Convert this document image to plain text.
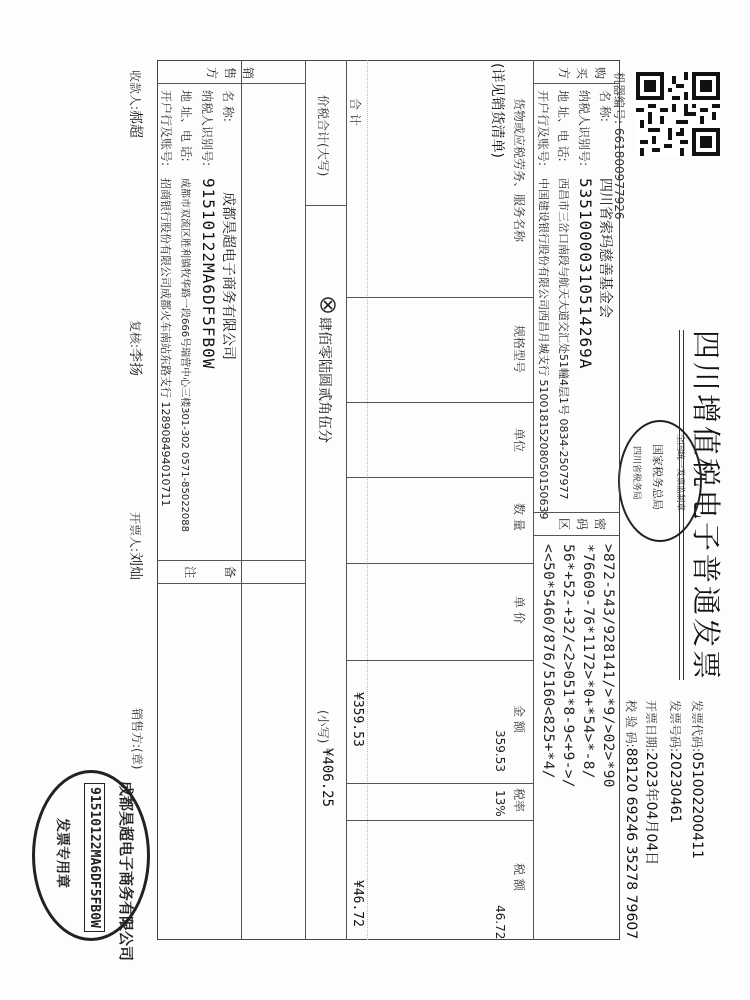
机器编号: 661800977926
四川增值税电子普通发票
全国统一发票监制章
国家税务总局
四川省税务局
发票代码:051002200411
发票号码:20230461
开票日期:2023年04月04日
校 验 码:88120 69246 35278 79607
购买方
名 称:
四川省索玛慈善基金会
纳税人识别号:
53510000310514269A
地 址、电 话:
西昌市三岔口南段与航天大道交汇处51幢4层1号 0834-2507977
开户行及账号:
中国建设银行股份有限公司西昌月城支行 51001815208050150639
密码区
>872-543/928141/>*9/>02>*90
*76609-76*1172>*0+*54>*-8/
56*+52-+32/<2>051*8-9<+9->/
<<50*5460/876/5160<825+*4/
货物或应税劳务、服务名称
规格型号
单位
数 量
单 价
金 额
税率
税 额
(详见销货清单)
359.53
13%
46.72
合 计
¥359.53
¥46.72
价税合计(大写)
肆佰零陆圆贰角伍分
(小写)
¥406.25
销售方
名 称:
成都昊超电子商务有限公司
纳税人识别号:
91510122MA6DF5FB0W
地 址、电 话:
成都市双流区胜利镇牧华路一段666号瑞营中心三楼301-302 0571-85022088
开户行及账号:
招商银行股份有限公司成都火车南站东路支行 128908494010711
备注
收款人:郝超
复核:李扬
开票人:刘灿
销售方:(章)
成都昊超电子商务有限公司
91510122MA6DF5FB0W
发票专用章
